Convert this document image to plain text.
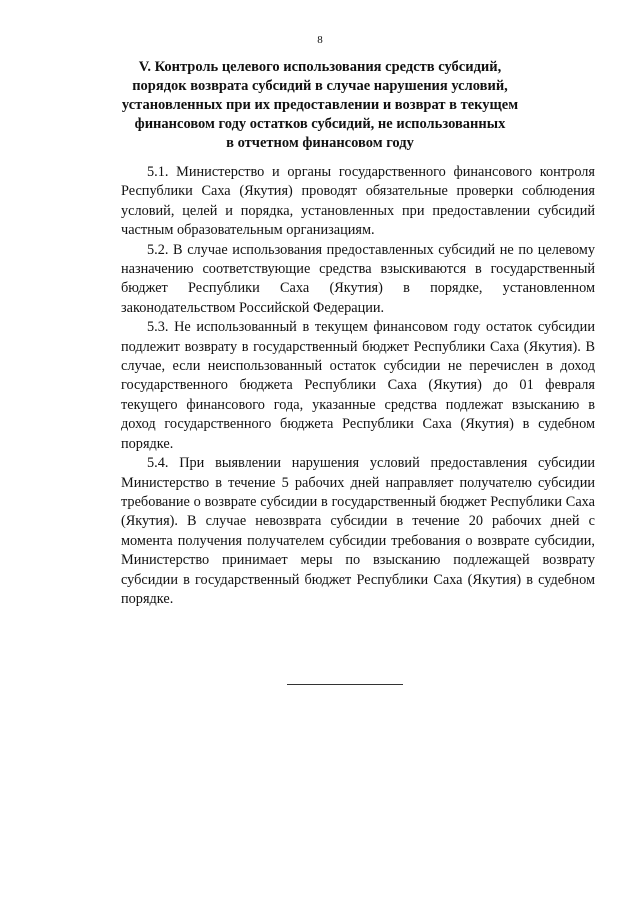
8
V. Контроль целевого использования средств субсидий,
порядок возврата субсидий в случае нарушения условий,
установленных при их предоставлении и возврат в текущем
финансовом году остатков субсидий, не использованных
в отчетном финансовом году

5.1. Министерство и органы государственного финансового контроля Республики Саха (Якутия) проводят обязательные проверки соблюдения условий, целей и порядка, установленных при предоставлении субсидий частным образовательным организациям.

5.2. В случае использования предоставленных субсидий не по целевому назначению соответствующие средства взыскиваются в государственный бюджет Республики Саха (Якутия) в порядке, установленном законодательством Российской Федерации.

5.3. Не использованный в текущем финансовом году остаток субсидии подлежит возврату в государственный бюджет Республики Саха (Якутия). В случае, если неиспользованный остаток субсидии не перечислен в доход государственного бюджета Республики Саха (Якутия) до 01 февраля текущего финансового года, указанные средства подлежат взысканию в доход государственного бюджета Республики Саха (Якутия) в судебном порядке.

5.4. При выявлении нарушения условий предоставления субсидии Министерство в течение 5 рабочих дней направляет получателю субсидии требование о возврате субсидии в государственный бюджет Республики Саха (Якутия). В случае невозврата субсидии в течение 20 рабочих дней с момента получения получателем субсидии требования о возврате субсидии, Министерство принимает меры по взысканию подлежащей возврату субсидии в государственный бюджет Республики Саха (Якутия) в судебном порядке.
